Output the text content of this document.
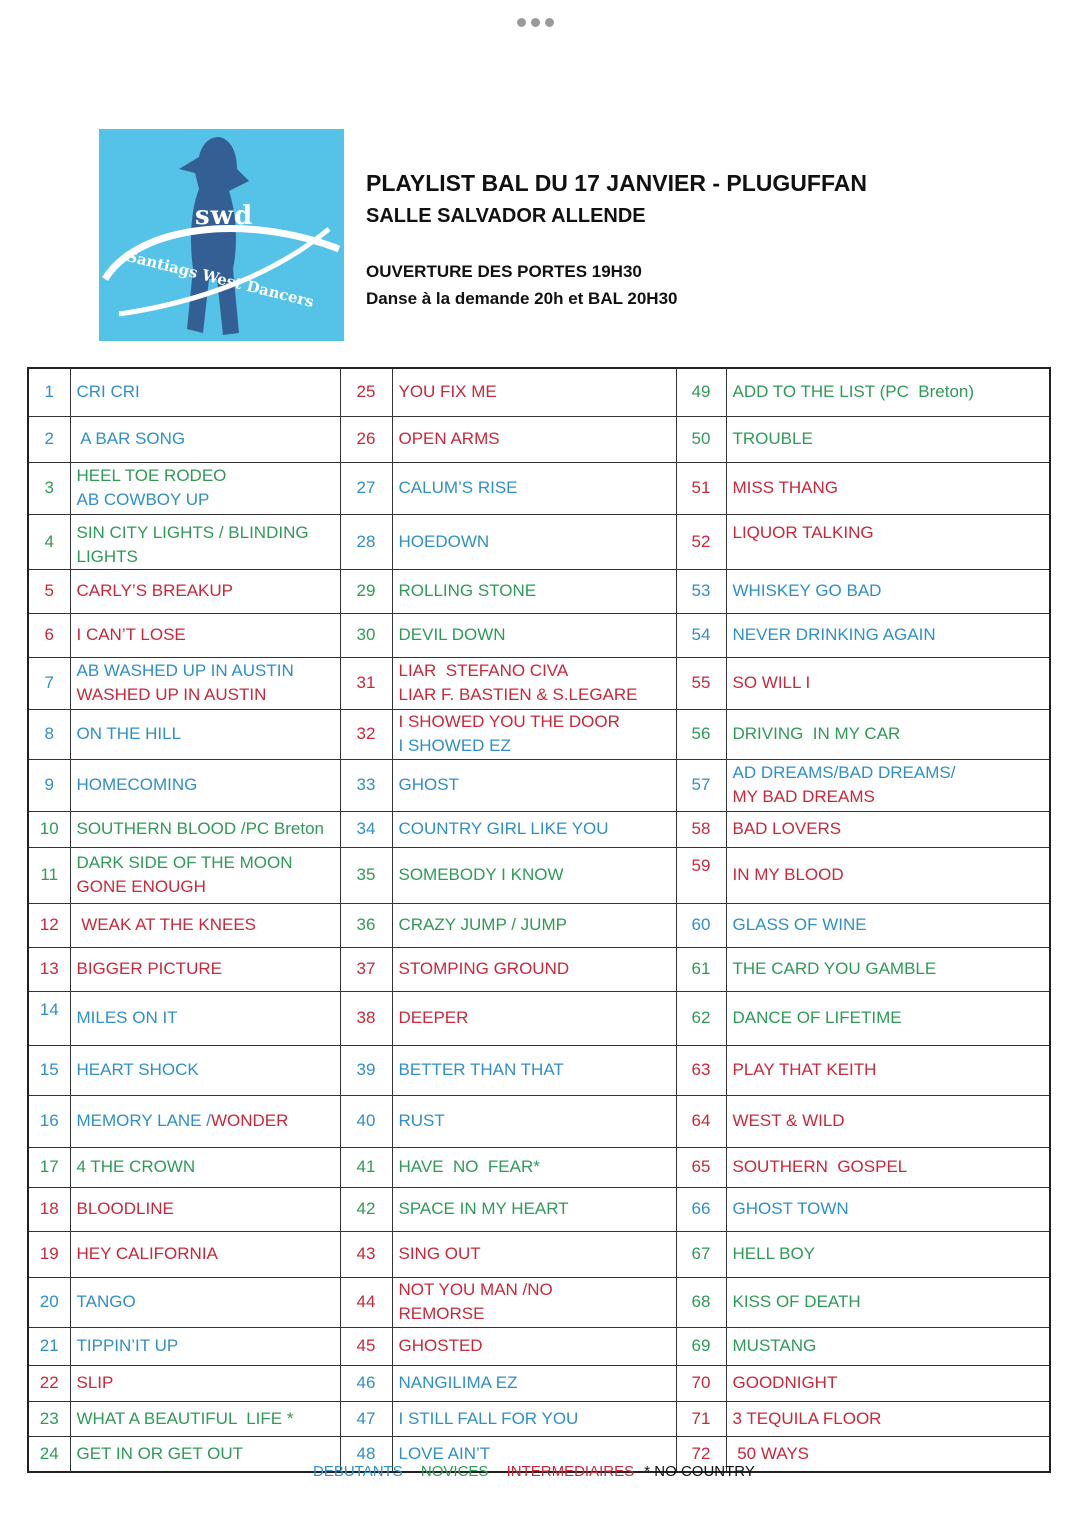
swd
Santiags West Dancers
PLAYLIST BAL DU 17 JANVIER - PLUGUFFAN
SALLE SALVADOR ALLENDE
OUVERTURE DES PORTES 19H30
Danse à la demande 20h et BAL 20H30
1	CRI CRI	25	YOU FIX ME	49	ADD TO THE LIST (PC  Breton)

2	A BAR SONG	26	OPEN ARMS	50	TROUBLE

3	HEEL TOE RODEO
AB COWBOY UP	27	CALUM’S RISE	51	MISS THANG

4	SIN CITY LIGHTS / BLINDING
LIGHTS	28	HOEDOWN	52	LIQUOR TALKING

5	CARLY’S BREAKUP	29	ROLLING STONE	53	WHISKEY GO BAD

6	I CAN’T LOSE	30	DEVIL DOWN	54	NEVER DRINKING AGAIN

7	AB WASHED UP IN AUSTIN
WASHED UP IN AUSTIN	31	LIAR  STEFANO CIVA
LIAR F. BASTIEN & S.LEGARE	55	SO WILL I

8	ON THE HILL	32	I SHOWED YOU THE DOOR
I SHOWED EZ	56	DRIVING  IN MY CAR

9	HOMECOMING	33	GHOST	57	AD DREAMS/BAD DREAMS/
MY BAD DREAMS

10	SOUTHERN BLOOD /PC Breton	34	COUNTRY GIRL LIKE YOU	58	BAD LOVERS

11	DARK SIDE OF THE MOON
GONE ENOUGH	35	SOMEBODY I KNOW	59	IN MY BLOOD

12	WEAK AT THE KNEES	36	CRAZY JUMP / JUMP	60	GLASS OF WINE

13	BIGGER PICTURE	37	STOMPING GROUND	61	THE CARD YOU GAMBLE

14	MILES ON IT	38	DEEPER	62	DANCE OF LIFETIME

15	HEART SHOCK	39	BETTER THAN THAT	63	PLAY THAT KEITH

16	MEMORY LANE /WONDER	40	RUST	64	WEST & WILD

17	4 THE CROWN	41	HAVE  NO  FEAR*	65	SOUTHERN  GOSPEL

18	BLOODLINE	42	SPACE IN MY HEART	66	GHOST TOWN

19	HEY CALIFORNIA	43	SING OUT	67	HELL BOY

20	TANGO	44	NOT YOU MAN /NO
REMORSE	68	KISS OF DEATH

21	TIPPIN’IT UP	45	GHOSTED	69	MUSTANG

22	SLIP	46	NANGILIMA EZ	70	GOODNIGHT

23	WHAT A BEAUTIFUL  LIFE *	47	I STILL FALL FOR YOU	71	3 TEQUILA FLOOR

24	GET IN OR GET OUT	48	LOVE AIN’T	72	50 WAYS
DEBUTANTS NOVICES INTERMEDIAIRES * NO COUNTRY
